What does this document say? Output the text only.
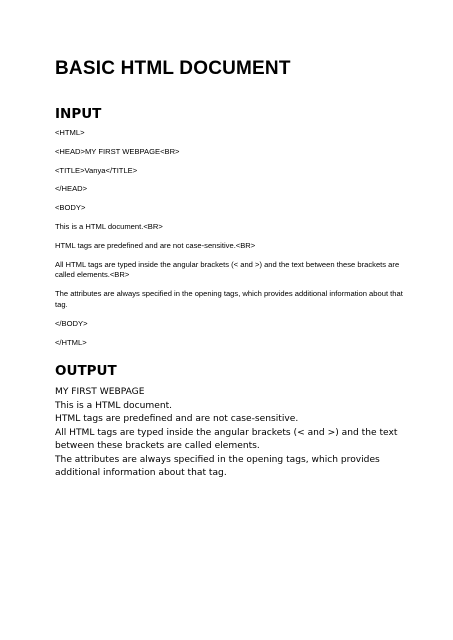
BASIC HTML DOCUMENT
INPUT
<HTML>
<HEAD>MY FIRST WEBPAGE<BR>
<TITLE>Vanya</TITLE>
</HEAD>
<BODY>
This is a HTML document.<BR>
HTML tags are predefined and are not case-sensitive.<BR>
All HTML tags are typed inside the angular brackets (< and >) and the text between these brackets are called elements.<BR>
The attributes are always specified in the opening tags, which provides additional information about that tag.
</BODY>
</HTML>
OUTPUT
MY FIRST WEBPAGE
This is a HTML document.
HTML tags are predefined and are not case-sensitive.
All HTML tags are typed inside the angular brackets (< and >) and the text between these brackets are called elements.
The attributes are always specified in the opening tags, which provides additional information about that tag.
